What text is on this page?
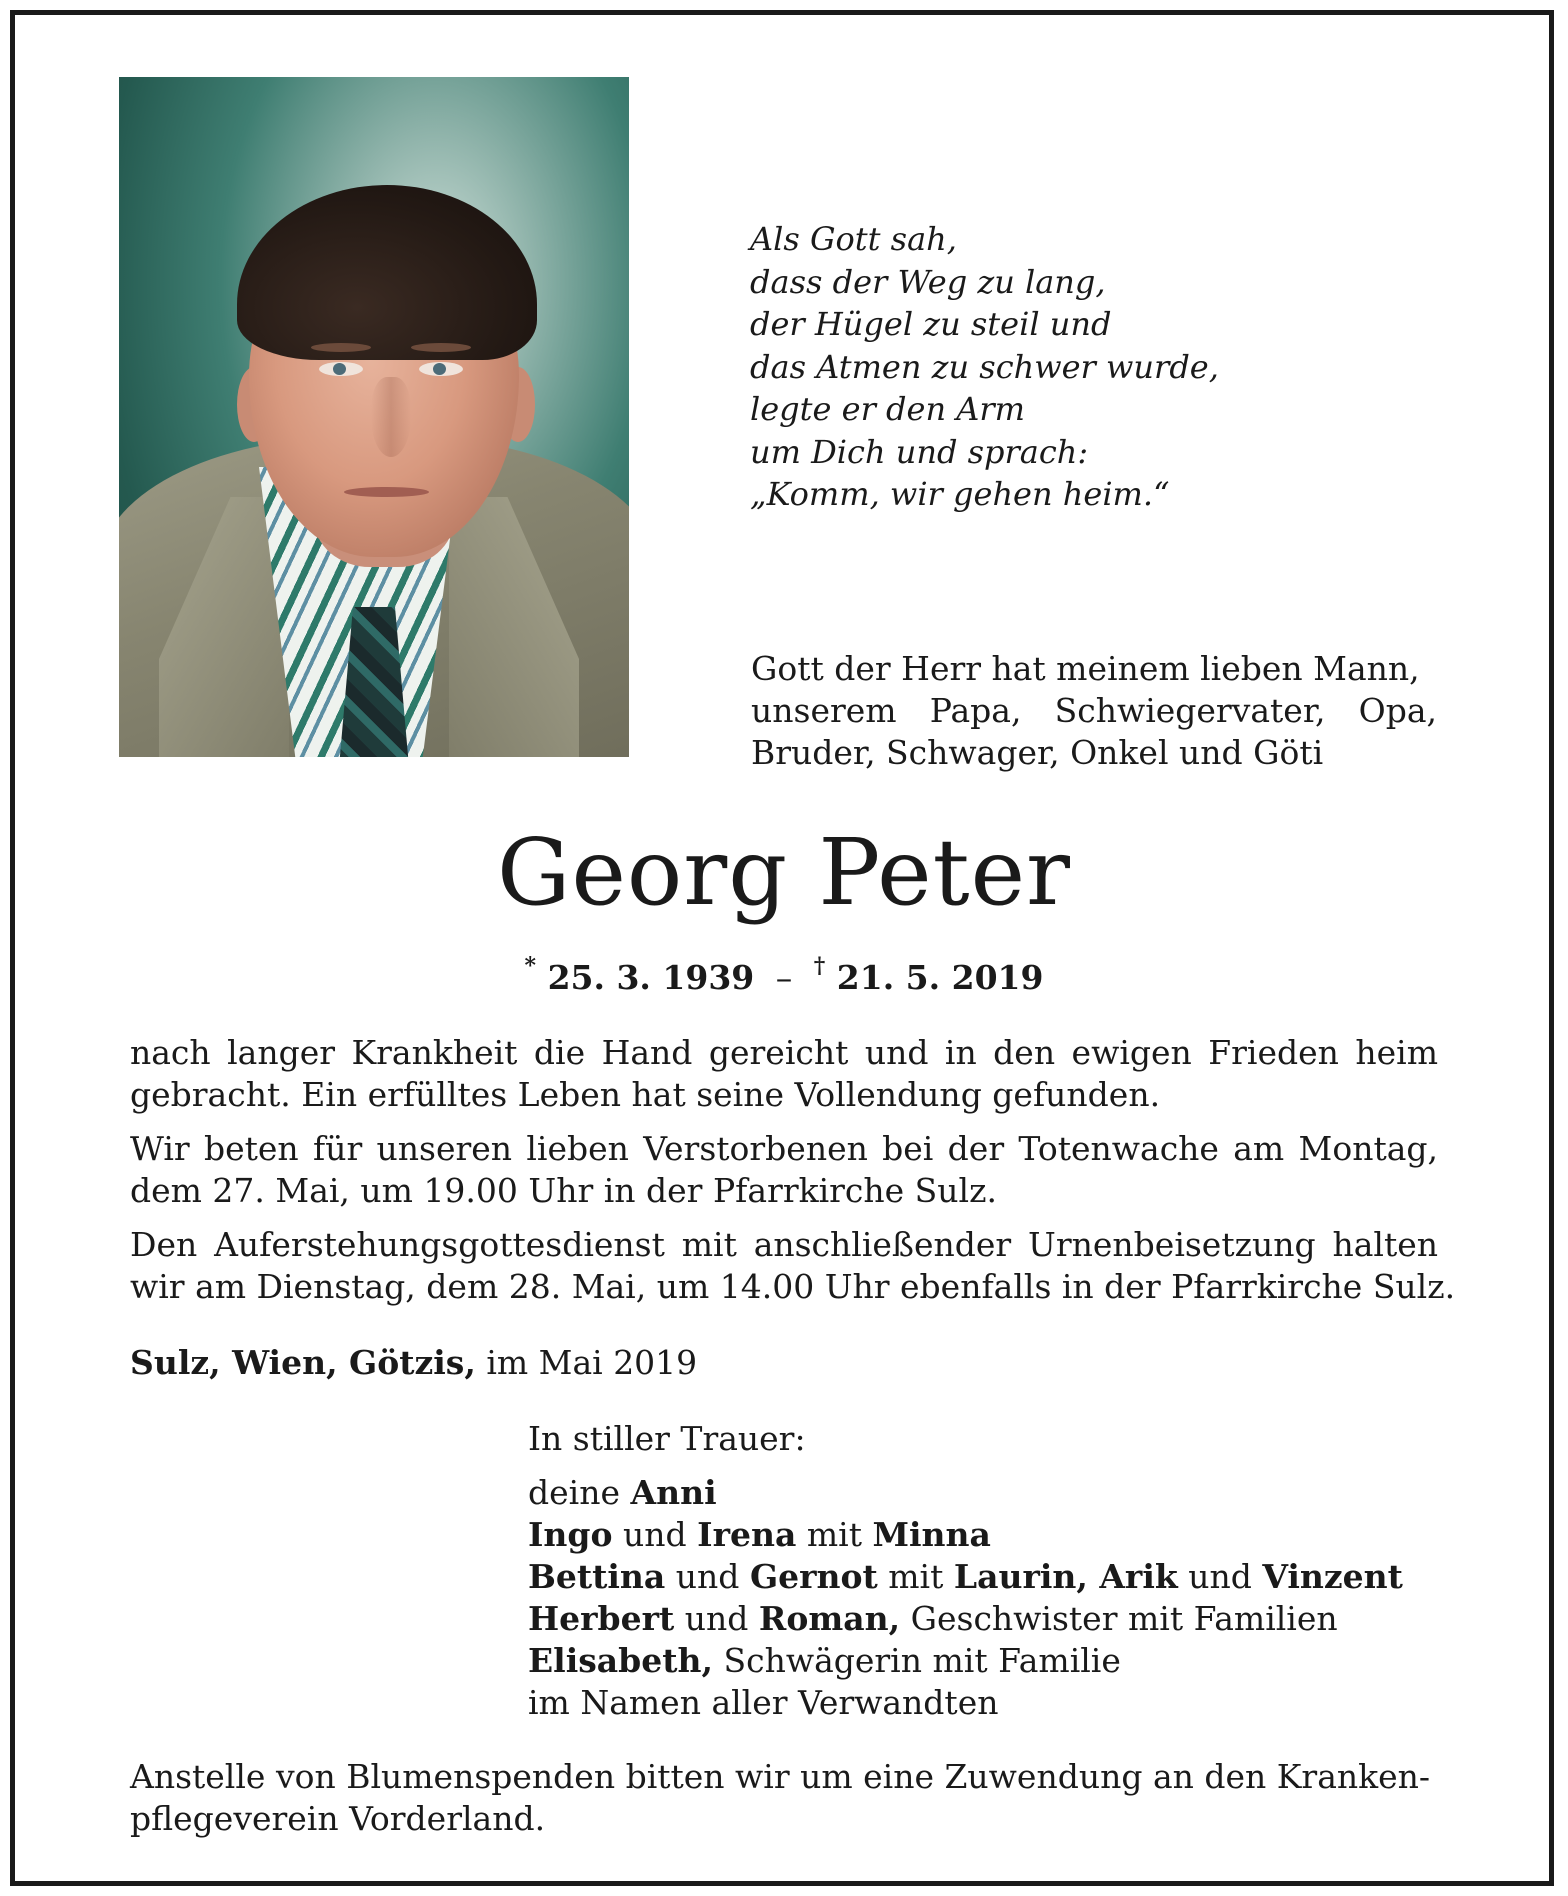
Als Gott sah,
dass der Weg zu lang,
der Hügel zu steil und
das Atmen zu schwer wurde,
legte er den Arm
um Dich und sprach:
„Komm, wir gehen heim.“
Gott der Herr hat meinem lieben Mann,
unserem Papa, Schwiegervater, Opa,
Bruder, Schwager, Onkel und Göti
Georg Peter
* 25. 3. 1939 – † 21. 5. 2019
nach langer Krankheit die Hand gereicht und in den ewigen Frieden heim
gebracht. Ein erfülltes Leben hat seine Vollendung gefunden.
Wir beten für unseren lieben Verstorbenen bei der Totenwache am Montag,
dem 27. Mai, um 19.00 Uhr in der Pfarrkirche Sulz.
Den Auferstehungsgottesdienst mit anschließender Urnenbeisetzung halten
wir am Dienstag, dem 28. Mai, um 14.00 Uhr ebenfalls in der Pfarrkirche Sulz.
Sulz, Wien, Götzis, im Mai 2019
In stiller Trauer:
deine Anni
Ingo und Irena mit Minna
Bettina und Gernot mit Laurin, Arik und Vinzent
Herbert und Roman, Geschwister mit Familien
Elisabeth, Schwägerin mit Familie
im Namen aller Verwandten
Anstelle von Blumenspenden bitten wir um eine Zuwendung an den Kranken-
pflegeverein Vorderland.
